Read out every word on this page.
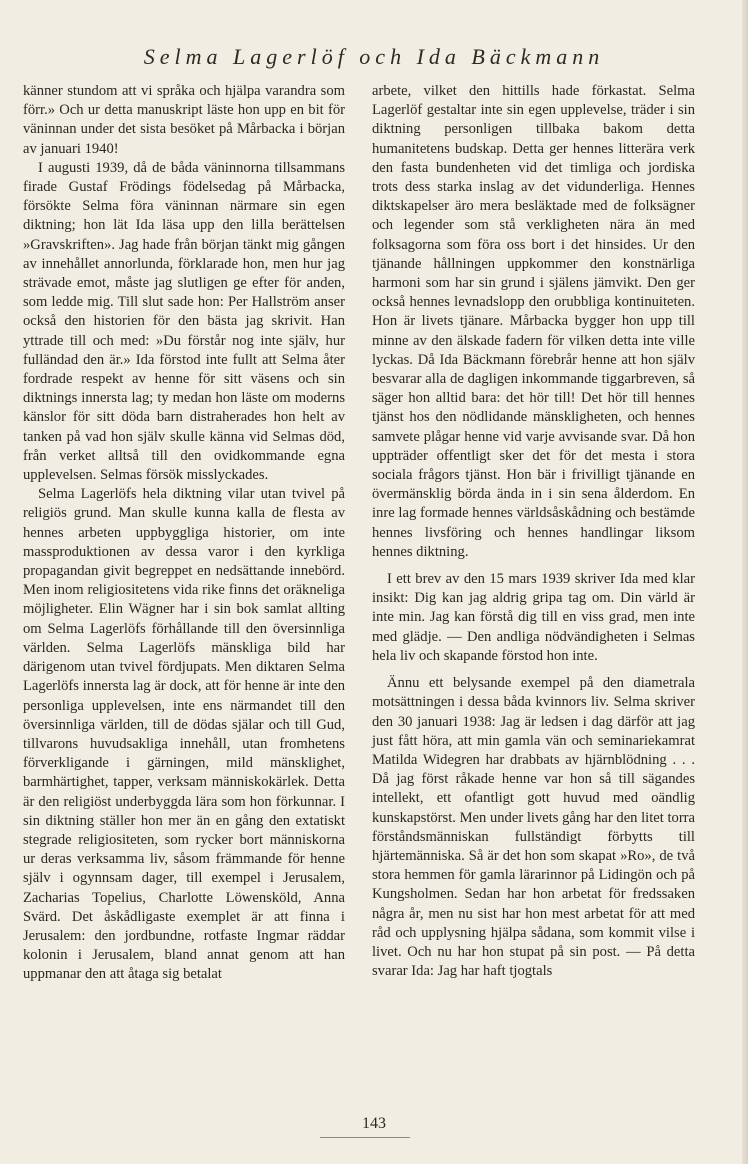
Selma Lagerlöf och Ida Bäckmann

känner stundom att vi språka och hjälpa varandra som förr.» Och ur detta manuskript läste hon upp en bit för väninnan under det sista besöket på Mårbacka i början av januari 1940!

I augusti 1939, då de båda väninnorna tillsammans firade Gustaf Frödings födelsedag på Mårbacka, försökte Selma föra väninnan närmare sin egen diktning; hon lät Ida läsa upp den lilla berättelsen »Gravskriften». Jag hade från början tänkt mig gången av innehållet annorlunda, förklarade hon, men hur jag strävade emot, måste jag slutligen ge efter för anden, som ledde mig. Till slut sade hon: Per Hallström anser också den historien för den bästa jag skrivit. Han yttrade till och med: »Du förstår nog inte själv, hur fulländad den är.» Ida förstod inte fullt att Selma åter fordrade respekt av henne för sitt väsens och sin diktnings innersta lag; ty medan hon läste om moderns känslor för sitt döda barn distraherades hon helt av tanken på vad hon själv skulle känna vid Selmas död, från verket alltså till den ovidkommande egna upplevelsen. Selmas försök misslyckades.

Selma Lagerlöfs hela diktning vilar utan tvivel på religiös grund. Man skulle kunna kalla de flesta av hennes arbeten uppbyggliga historier, om inte massproduktionen av dessa varor i den kyrkliga propagandan givit begreppet en nedsättande innebörd. Men inom religiositetens vida rike finns det oräkneliga möjligheter. Elin Wägner har i sin bok samlat allting om Selma Lagerlöfs förhållande till den översinnliga världen. Selma Lagerlöfs mänskliga bild har därigenom utan tvivel fördjupats. Men diktaren Selma Lagerlöfs innersta lag är dock, att för henne är inte den personliga upplevelsen, inte ens närmandet till den översinnliga världen, till de dödas själar och till Gud, tillvarons huvudsakliga innehåll, utan fromhetens förverkligande i gärningen, mild mänsklighet, barmhärtighet, tapper, verksam människokärlek. Detta är den religiöst underbyggda lära som hon förkunnar. I sin diktning ställer hon mer än en gång den extatiskt stegrade religiositeten, som rycker bort människorna ur deras verksamma liv, såsom främmande för henne själv i ogynnsam dager, till exempel i Jerusalem, Zacharias Topelius, Charlotte Löwensköld, Anna Svärd. Det åskådligaste exemplet är att finna i Jerusalem: den jordbundne, rotfaste Ingmar räddar kolonin i Jerusalem, bland annat genom att han uppmanar den att åtaga sig betalat

arbete, vilket den hittills hade förkastat. Selma Lagerlöf gestaltar inte sin egen upplevelse, träder i sin diktning personligen tillbaka bakom detta humanitetens budskap. Detta ger hennes litterära verk den fasta bundenheten vid det timliga och jordiska trots dess starka inslag av det vidunderliga. Hennes diktskapelser äro mera besläktade med de folksägner och legender som stå verkligheten nära än med folksagorna som föra oss bort i det hinsides. Ur den tjänande hållningen uppkommer den konstnärliga harmoni som har sin grund i själens jämvikt. Den ger också hennes levnadslopp den orubbliga kontinuiteten. Hon är livets tjänare. Mårbacka bygger hon upp till minne av den älskade fadern för vilken detta inte ville lyckas. Då Ida Bäckmann förebrår henne att hon själv besvarar alla de dagligen inkommande tiggarbreven, så säger hon alltid bara: det hör till! Det hör till hennes tjänst hos den nödlidande mänskligheten, och hennes samvete plågar henne vid varje avvisande svar. Då hon uppträder offentligt sker det för det mesta i stora sociala frågors tjänst. Hon bär i frivilligt tjänande en övermänsklig börda ända in i sin sena ålderdom. En inre lag formade hennes världsåskådning och bestämde hennes livsföring och hennes handlingar liksom hennes diktning.

I ett brev av den 15 mars 1939 skriver Ida med klar insikt: Dig kan jag aldrig gripa tag om. Din värld är inte min. Jag kan förstå dig till en viss grad, men inte med glädje. — Den andliga nödvändigheten i Selmas hela liv och skapande förstod hon inte.

Ännu ett belysande exempel på den diametrala motsättningen i dessa båda kvinnors liv. Selma skriver den 30 januari 1938: Jag är ledsen i dag därför att jag just fått höra, att min gamla vän och seminariekamrat Matilda Widegren har drabbats av hjärnblödning . . . Då jag först råkade henne var hon så till sägandes intellekt, ett ofantligt gott huvud med oändlig kunskapstörst. Men under livets gång har den litet torra förståndsmänniskan fullständigt förbytts till hjärtemänniska. Så är det hon som skapat »Ro», de två stora hemmen för gamla lärarinnor på Lidingön och på Kungsholmen. Sedan har hon arbetat för fredssaken några år, men nu sist har hon mest arbetat för att med råd och upplysning hjälpa sådana, som kommit vilse i livet. Och nu har hon stupat på sin post. — På detta svarar Ida: Jag har haft tjogtals

143
